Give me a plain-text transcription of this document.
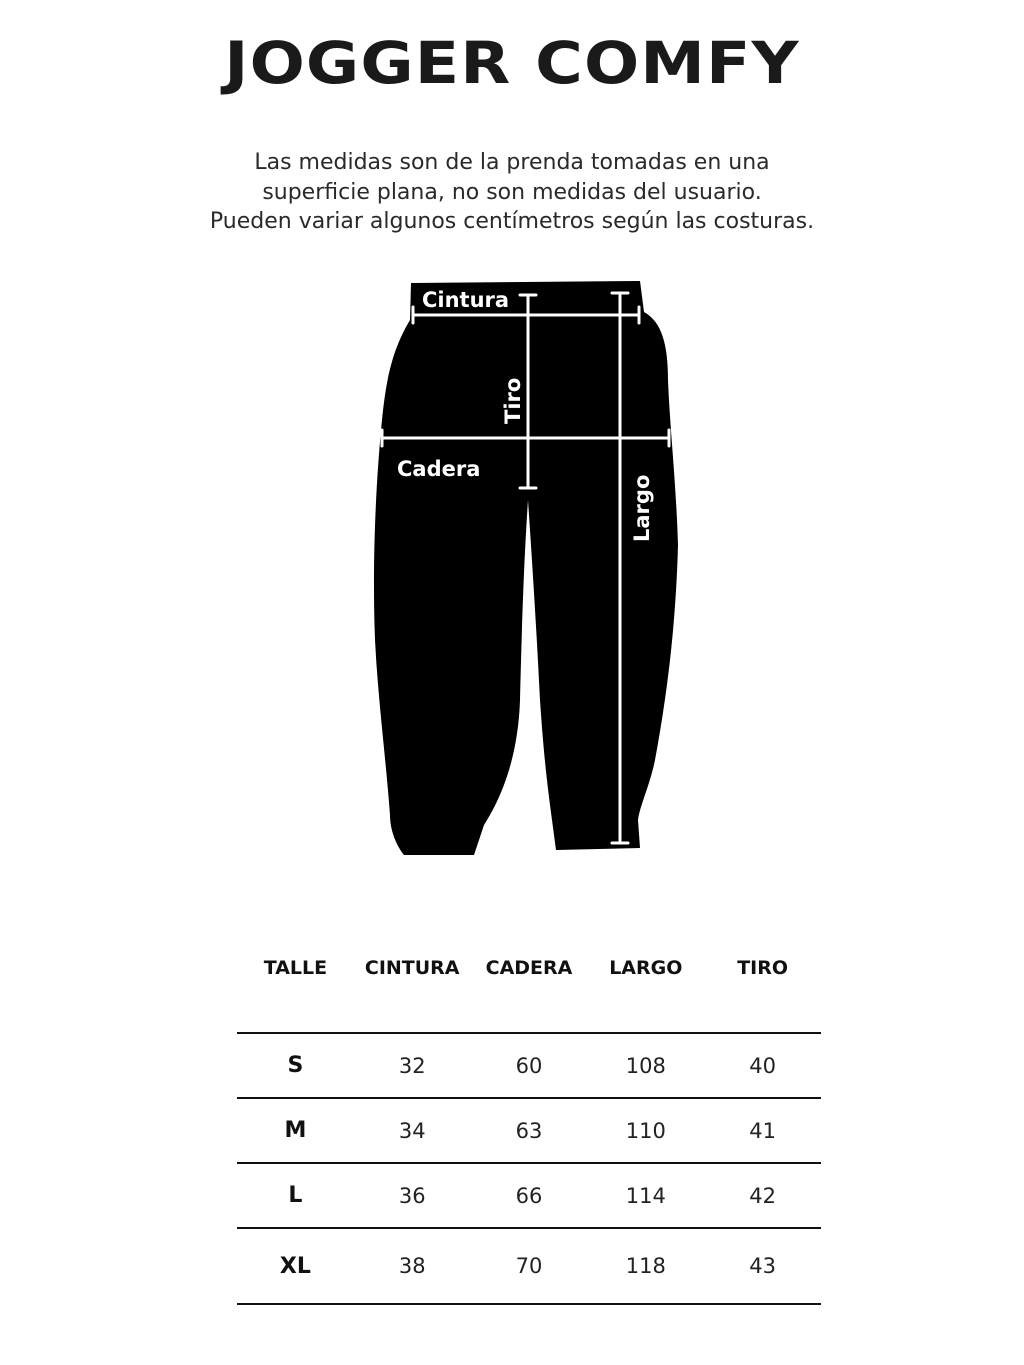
JOGGER COMFY
Las medidas son de la prenda tomadas en una
superficie plana, no son medidas del usuario.
Pueden variar algunos centímetros según las costuras.
Cintura
Cadera
Tiro
Largo
TALLE	CINTURA	CADERA	LARGO	TIRO
S	32	60	108	40
M	34	63	110	41
L	36	66	114	42
XL	38	70	118	43
